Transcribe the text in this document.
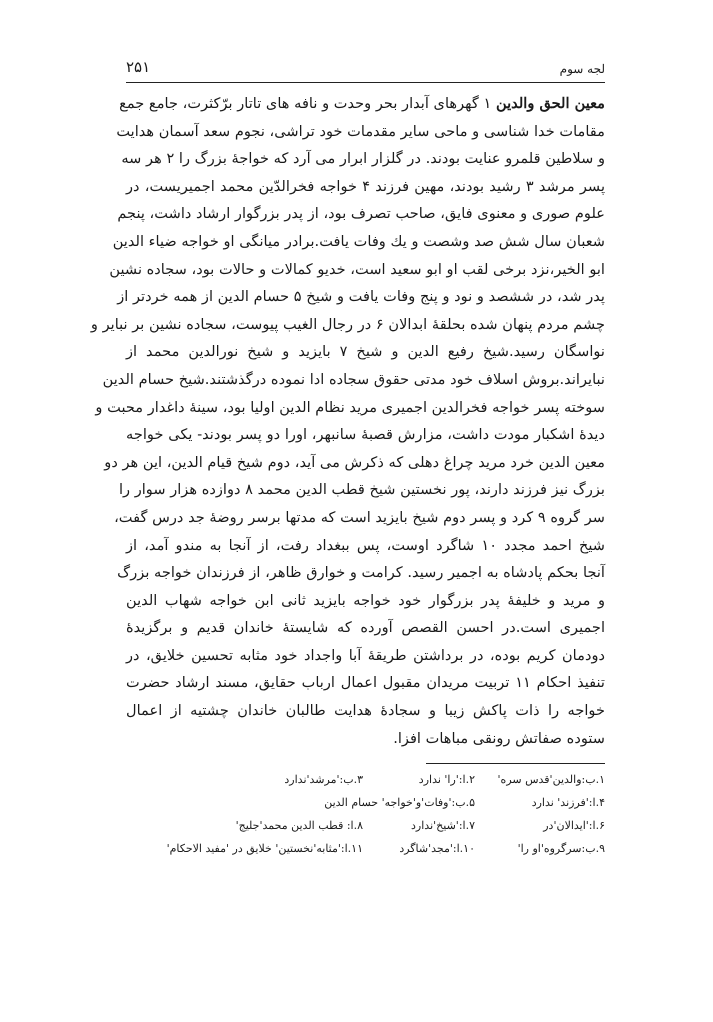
۲۵۱	لجه سوم
معین الحق والدین ۱ گهرهای آبدار بحر وحدت و نافه های تاتار برّکثرت، جامع جمع
مقامات خدا شناسی و ماحی سایر مقدمات خود تراشی، نجوم سعد آسمان هدایت
و سلاطین قلمرو عنایت بودند. در گلزار ابرار می آرد که خواجهٔ بزرگ را ۲ هر سه
پسر مرشد ۳ رشید بودند، مهین فرزند ۴ خواجه فخرالدّین محمد اجمیریست، در
علوم صوری و معنوی فایق، صاحب تصرف بود، از پدر بزرگوار ارشاد داشت، پنجم
شعبان سال شش صد وشصت و یك وفات یافت.برادر میانگی او خواجه ضیاء الدین
ابو الخیر،نزد برخی لقب او ابو سعید است، خدیو کمالات و حالات بود، سجاده نشین
پدر شد، در ششصد و نود و پنج وفات یافت و شیخ ۵ حسام الدین از همه خردتر از
چشم مردم پنهان شده بحلقهٔ ابدالان ۶ در رجال الغیب پیوست، سجاده نشین بر نبایر و
نواسگان رسید.شیخ رفیع الدین و شیخ ۷ بایزید و شیخ نورالدین محمد از
نبایراند.بروش اسلاف خود مدتی حقوق سجاده ادا نموده درگذشتند.شیخ حسام الدین
سوخته پسر خواجه فخرالدین اجمیری مرید نظام الدین اولیا بود، سینهٔ داغدار محبت و
دیدهٔ اشکبار مودت داشت، مزارش قصبهٔ سانبهر، اورا دو پسر بودند- یکی خواجه
معین الدین خرد مرید چراغ دهلی که ذکرش می آید، دوم شیخ قیام الدین، این هر دو
بزرگ نیز فرزند دارند، پور نخستین شیخ قطب الدین محمد ۸ دوازده هزار سوار را
سر گروه ۹ کرد و پسر دوم شیخ بایزید است که مدتها برسر روضهٔ جد درس گفت،
شیخ احمد مجدد ۱۰ شاگرد اوست، پس ببغداد رفت، از آنجا به مندو آمد، از
آنجا بحکم پادشاه به اجمیر رسید. کرامت و خوارق ظاهر، از فرزندان خواجه بزرگ
و مرید و خلیفهٔ پدر بزرگوار خود خواجه بایزید ثانی ابن خواجه شهاب الدین
اجمیری است.در احسن القصص آورده که شایستهٔ خاندان قدیم و برگزیدهٔ
دودمان کریم بوده، در برداشتن طریقهٔ آبا واجداد خود مثابه تحسین خلایق، در
تنفیذ احکام ۱۱ تربیت مریدان مقبول اعمال ارباب حقایق، مسند ارشاد حضرت
خواجه را ذات پاکش زیبا و سجادهٔ هدایت طالبان خاندان چشتیه از اعمال
ستوده صفاتش رونقی مباهات افزا.
۱.ب:والدین'قدس سره'
۲.ا:'را' ندارد
۳.ب:'مرشد'ندارد
۴.ا:'فرزند' ندارد
۵.ب:'وفات'و'خواجه' حسام الدین
۶.ا:'ایدالان'در
۷.ا:'شیخ'ندارد
۸.ا: قطب الدین محمد'جلیج'
۹.ب:سرگروه'او را'
۱۰.ا:'مجد'شاگرد
۱۱.ا:'مثابه'نخستین' خلایق در 'مفید الاحکام'
